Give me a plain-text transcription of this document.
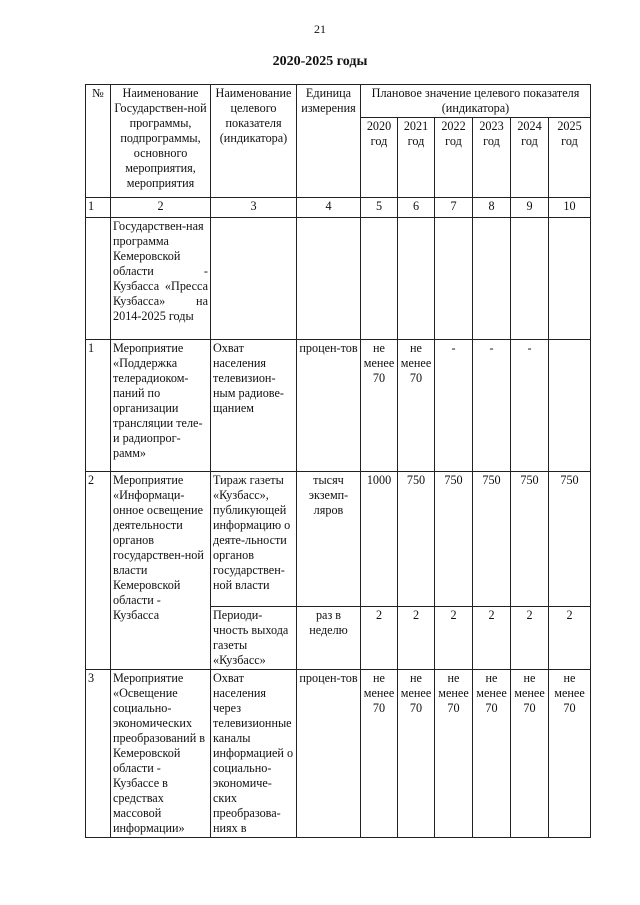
21
2020-2025 годы
№	Наименование Государствен-ной программы, подпрограммы, основного мероприятия, мероприятия	Наименование целевого показателя (индикатора)	Единица измерения	Плановое значение целевого показателя (индикатора)					
				2020 год	2021 год	2022 год	2023 год	2024 год	2025 год
1	2	3	4	5	6	7	8	9	10
	Государствен-ная программа Кемеровской области - Кузбасса «Пресса Кузбасса» на 2014-2025 годы								
1	Мероприятие «Поддержка телерадиоком-паний по организации трансляции теле- и радиопрог-рамм»	Охват населения телевизион-ным радиове-щанием	процен-тов	не менее 70	не менее 70	-	-	-	
2	Мероприятие «Информаци-онное освещение деятельности органов государствен-ной власти Кемеровской области - Кузбасса	Тираж газеты «Кузбасс», публикующей информацию о деяте-льности органов государствен-ной власти	тысяч экземп-ляров	1000	750	750	750	750	750
		Периоди-чность выхода газеты «Кузбасс»	раз в неделю	2	2	2	2	2	2
3	Мероприятие «Освещение социально-экономических преобразований в Кемеровской области - Кузбассе в средствах массовой информации»	Охват населения через телевизионные каналы информацией о социально-экономиче-ских преобразова-ниях в	процен-тов	не менее 70	не менее 70	не менее 70	не менее 70	не менее 70	не менее 70
